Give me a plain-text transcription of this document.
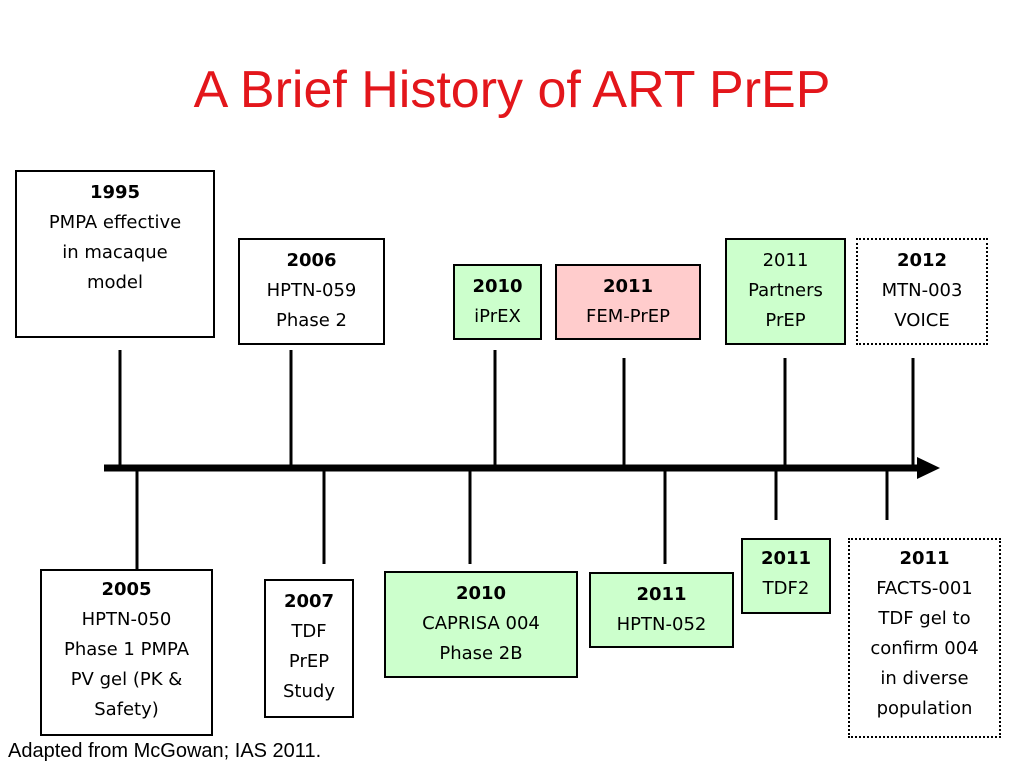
A Brief History of ART PrEP
1995
PMPA effective
in macaque
model
2006
HPTN-059
Phase 2
2010
iPrEX
2011
FEM-PrEP
2011
Partners
PrEP
2012
MTN-003
VOICE
2005
HPTN-050
Phase 1 PMPA
PV gel (PK &
Safety)
2007
TDF
PrEP
Study
2010
CAPRISA 004
Phase 2B
2011
HPTN-052
2011
TDF2
2011
FACTS-001
TDF gel to
confirm 004
in diverse
population
Adapted from McGowan; IAS 2011.
